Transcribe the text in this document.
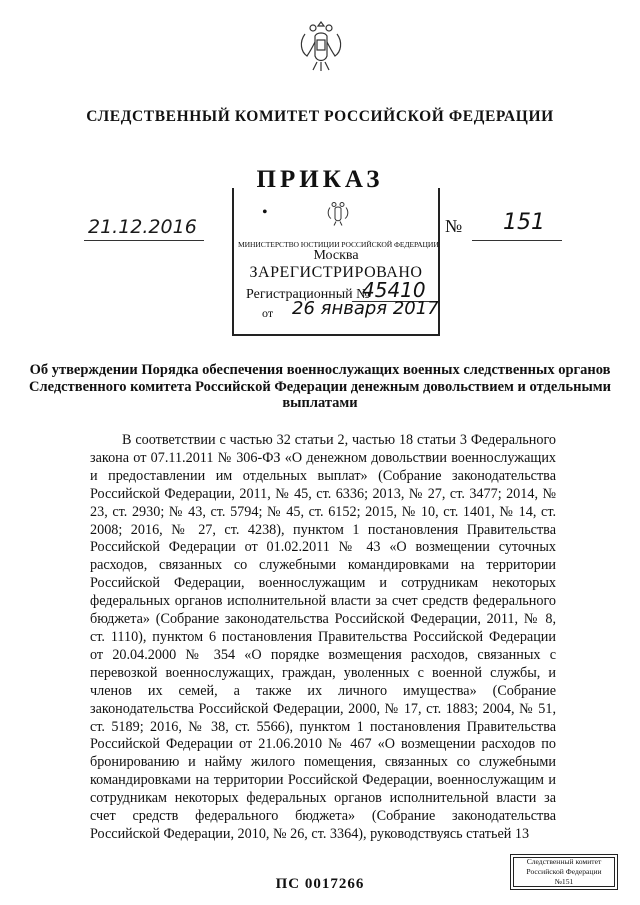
СЛЕДСТВЕННЫЙ КОМИТЕТ РОССИЙСКОЙ ФЕДЕРАЦИИ
ПРИКАЗ
21.12.2016	№ 151
•
МИНИСТЕРСТВО ЮСТИЦИИ РОССИЙСКОЙ ФЕДЕРАЦИИ
Москва
ЗАРЕГИСТРИРОВАНО
Регистрационный №
45410
от	26 января 2017
Об утверждении Порядка обеспечения военнослужащих военных следственных органов Следственного комитета Российской Федерации денежным довольствием и отдельными выплатами

В соответствии с частью 32 статьи 2, частью 18 статьи 3 Федерального закона от 07.11.2011 № 306-ФЗ «О денежном довольствии военнослужащих и предоставлении им отдельных выплат» (Собрание законодательства Российской Федерации, 2011, № 45, ст. 6336; 2013, № 27, ст. 3477; 2014, № 23, ст. 2930; № 43, ст. 5794; № 45, ст. 6152; 2015, № 10, ст. 1401, № 14, ст. 2008; 2016, № 27, ст. 4238), пунктом 1 постановления Правительства Российской Федерации от 01.02.2011 № 43 «О возмещении суточных расходов, связанных со служебными командировками на территории Российской Федерации, военнослужащим и сотрудникам некоторых федеральных органов исполнительной власти за счет средств федерального бюджета» (Собрание законодательства Российской Федерации, 2011, № 8, ст. 1110), пунктом 6 постановления Правительства Российской Федерации от 20.04.2000 № 354 «О порядке возмещения расходов, связанных с перевозкой военнослужащих, граждан, уволенных с военной службы, и членов их семей, а также их личного имущества» (Собрание законодательства Российской Федерации, 2000, № 17, ст. 1883; 2004, № 51, ст. 5189; 2016, № 38, ст. 5566), пунктом 1 постановления Правительства Российской Федерации от 21.06.2010 № 467 «О возмещении расходов по бронированию и найму жилого помещения, связанных со служебными командировками на территории Российской Федерации, военнослужащим и сотрудникам некоторых федеральных органов исполнительной власти за счет средств федерального бюджета» (Собрание законодательства Российской Федерации, 2010, № 26, ст. 3364), руководствуясь статьей 13

Следственный комитет
Российской Федерации
№151
ПС 0017266
